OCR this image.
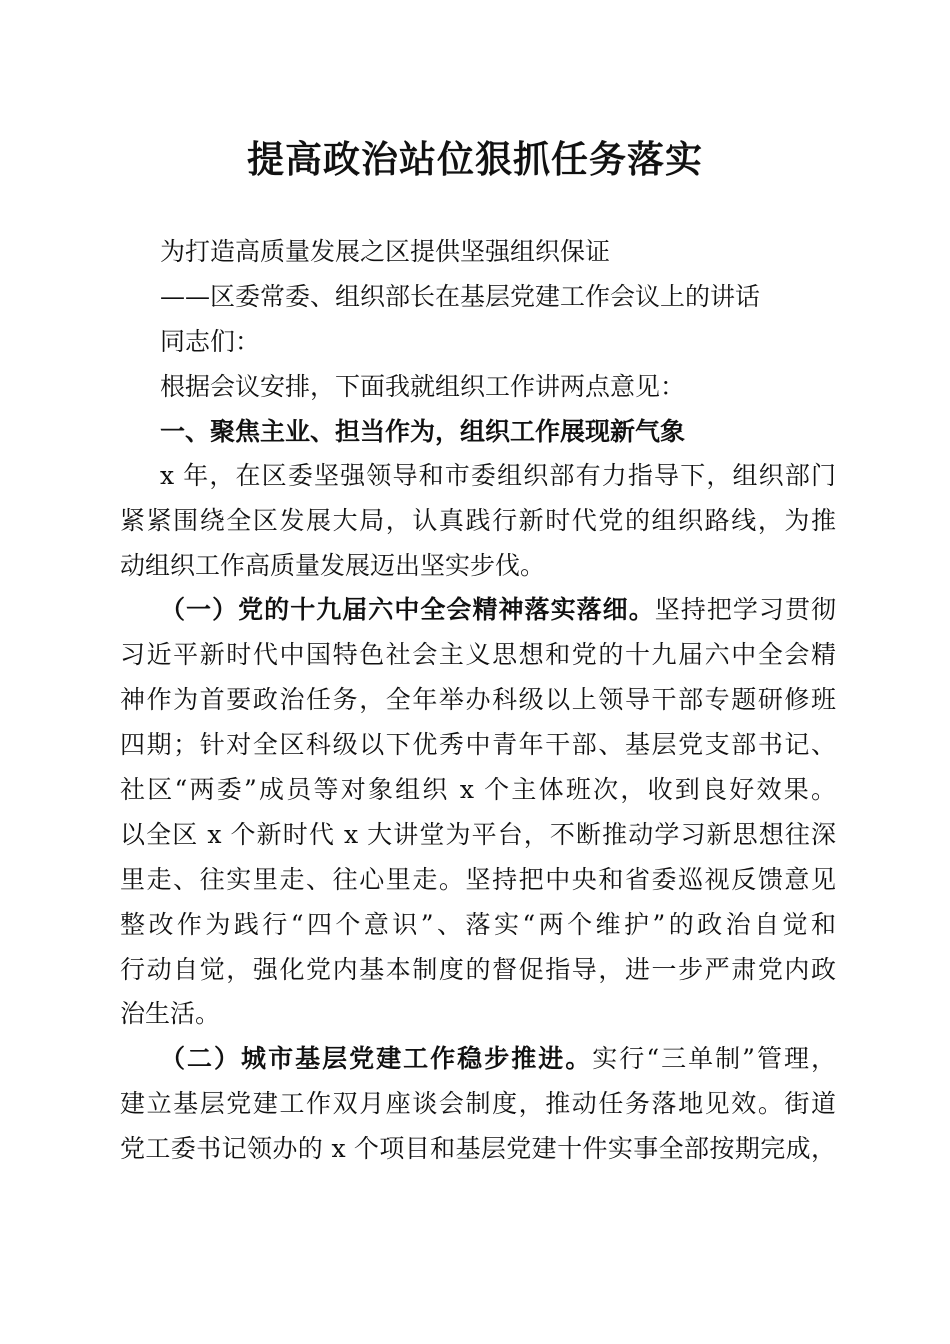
提高政治站位狠抓任务落实
为打造高质量发展之区提供坚强组织保证
——区委常委、组织部长在基层党建工作会议上的讲话
同志们：
根据会议安排，下面我就组织工作讲两点意见：
一、聚焦主业、担当作为，组织工作展现新气象
x 年，在区委坚强领导和市委组织部有力指导下，组织部门
紧紧围绕全区发展大局，认真践行新时代党的组织路线，为推
动组织工作高质量发展迈出坚实步伐。
（一）党的十九届六中全会精神落实落细。坚持把学习贯彻
习近平新时代中国特色社会主义思想和党的十九届六中全会精
神作为首要政治任务，全年举办科级以上领导干部专题研修班
四期；针对全区科级以下优秀中青年干部、基层党支部书记、
社区“两委”成员等对象组织 x 个主体班次，收到良好效果。
以全区 x 个新时代 x 大讲堂为平台，不断推动学习新思想往深
里走、往实里走、往心里走。坚持把中央和省委巡视反馈意见
整改作为践行“四个意识”、落实“两个维护”的政治自觉和
行动自觉，强化党内基本制度的督促指导，进一步严肃党内政
治生活。
（二）城市基层党建工作稳步推进。实行“三单制”管理，
建立基层党建工作双月座谈会制度，推动任务落地见效。街道
党工委书记领办的 x 个项目和基层党建十件实事全部按期完成，
